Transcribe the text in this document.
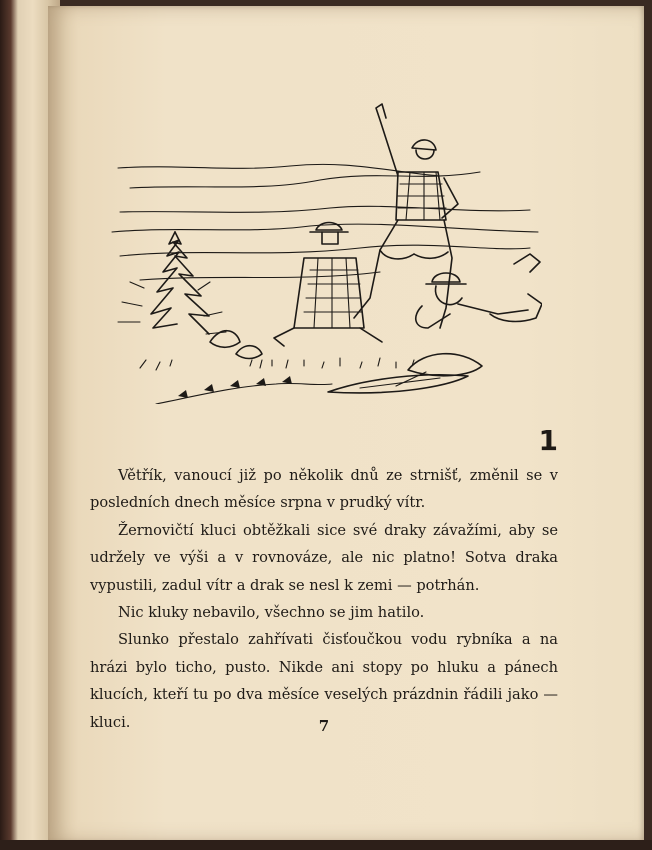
1

Větřík, vanoucí již po několik dnů ze strnišť, změnil se v posledních dnech měsíce srpna v prudký vítr.

Žernovičtí kluci obtěžkali sice své draky závažími, aby se udržely ve výši a v rovnováze, ale nic platno! Sotva draka vypustili, zadul vítr a drak se nesl k zemi — potrhán.

Nic kluky nebavilo, všechno se jim hatilo.

Slunko přestalo zahřívati čisťoučkou vodu rybníka a na hrázi bylo ticho, pusto. Nikde ani stopy po hluku a pánech klucích, kteří tu po dva měsíce veselých prázdnin řádili jako — kluci.	7
